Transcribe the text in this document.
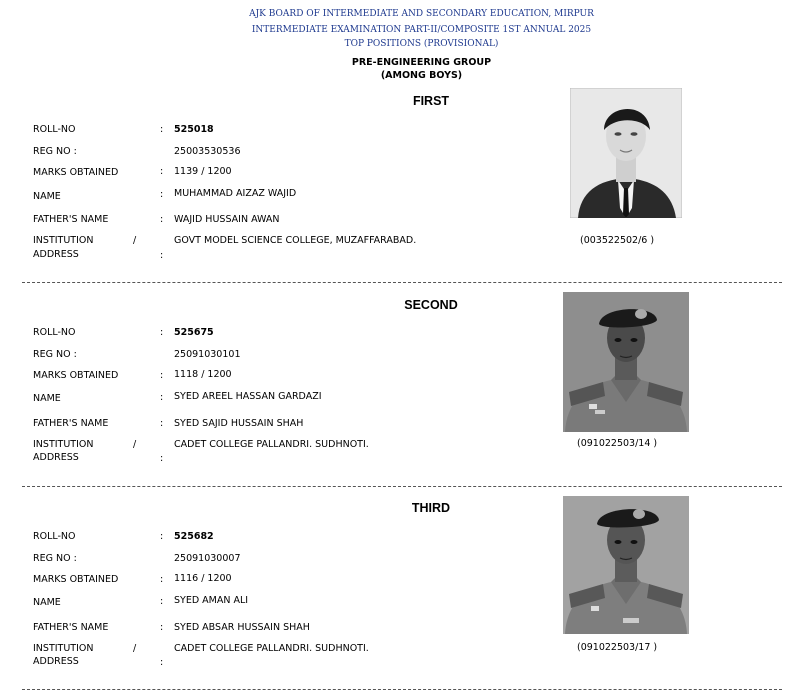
AJK BOARD OF INTERMEDIATE AND SECONDARY EDUCATION, MIRPUR
INTERMEDIATE EXAMINATION PART-II/COMPOSITE 1ST ANNUAL 2025
TOP POSITIONS (PROVISIONAL)
PRE-ENGINEERING GROUP
(AMONG BOYS)
FIRST
ROLL-NO	: 525018
REG NO :	25003530536
MARKS OBTAINED	: 1139 / 1200
NAME	: MUHAMMAD AIZAZ WAJID
FATHER'S NAME	: WAJID HUSSAIN AWAN
INSTITUTION	/	GOVT MODEL SCIENCE COLLEGE, MUZAFFARABAD.
ADDRESS	:
(003522502/6 )
SECOND
ROLL-NO	: 525675
REG NO :	25091030101
MARKS OBTAINED	: 1118 / 1200
NAME	: SYED AREEL HASSAN GARDAZI
FATHER'S NAME	: SYED SAJID HUSSAIN SHAH
INSTITUTION	/	CADET COLLEGE PALLANDRI. SUDHNOTI.
ADDRESS	:
(091022503/14 )
THIRD
ROLL-NO	: 525682
REG NO :	25091030007
MARKS OBTAINED	: 1116 / 1200
NAME	: SYED AMAN ALI
FATHER'S NAME	: SYED ABSAR HUSSAIN SHAH
INSTITUTION	/	CADET COLLEGE PALLANDRI. SUDHNOTI.
ADDRESS	:
(091022503/17 )
